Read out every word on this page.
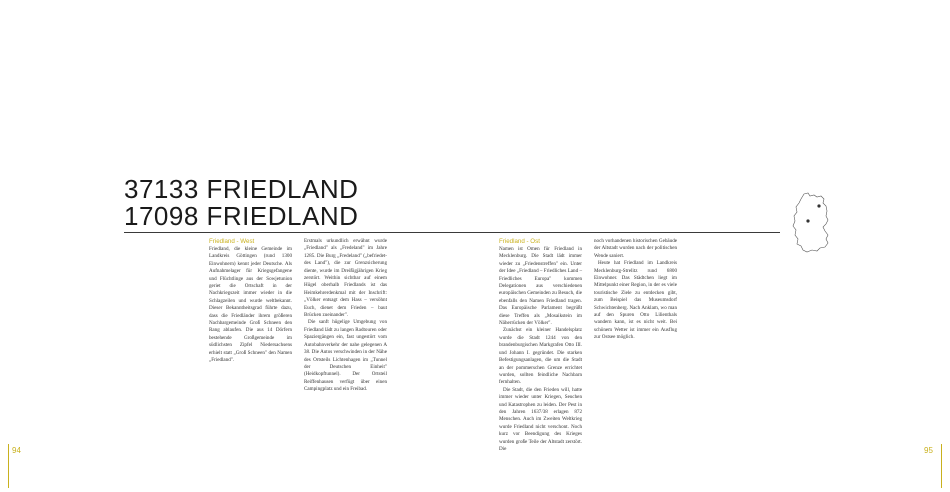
37133 FRIEDLAND
17098 FRIEDLAND
Friedland - West

Friedland, die kleine Gemeinde im Landkreis Göttingen (rund 1300 Einwohnern) kennt jeder Deutsche. Als Aufnahmelager für Kriegsgefangene und Flüchtlinge aus der Sowjetunion geriet die Ortschaft in der Nachkriegszeit immer wieder in die Schlagzeilen und wurde weltbekannt. Dieser Bekanntheitsgrad führte dazu, dass die Friedländer ihrem größeren Nachbargemeinde Groß Schneen den Rang ablaufen. Die aus 14 Dörfern bestehende Großgemeinde im südlichsten Zipfel Niedersachsens erhielt statt „Groß Schneen" den Namen „Friedland".

Erstmals urkundlich erwähnt wurde „Friedland" als „Fredeland" im Jahre 1285. Die Burg „Fredeland" („befriedet-des Land"), die zur Grenzsicherung diente, wurde im Dreißigjährigen Krieg zerstört. Weithin sichtbar auf einem Hügel oberhalb Friedlands ist das Heimkehrerdenkmal mit der Inschrift: „Völker entsagt dem Hass – versöhnt Euch, dienet dem Frieden – baut Brücken zueinander".

Die sanft hügelige Umgebung von Friedland lädt zu langen Radtouren oder Spaziergängen ein, fast ungestört vom Autobahnverkehr der nahe gelegenen A 38. Die Autos verschwinden in der Nähe des Ortsteils Lichtenhagen im „Tunnel der Deutschen Einheit" (Heidkopftunnel). Der Ortsteil Reiffenhausen verfügt über einen Campingplatz und ein Freibad.

Friedland - Ost

Namen ist Omen für Friedland in Mecklenburg. Die Stadt lädt immer wieder zu „Friedenstreffen" ein. Unter der Idee „Friedland – Friedliches Land – Friedliches Europa" kommen Delegationen aus verschiedenen europäischen Gemeinden zu Besuch, die ebenfalls den Namen Friedland tragen. Das Europäische Parlament begrüßt diese Treffen als „Mosaikstein im Näherrücken der Völker".

Zunächst ein kleiner Handelsplatz wurde die Stadt 1244 von den brandenburgischen Markgrafen Otto III. und Johann I. gegründet. Die starken Befestigungsanlagen, die um die Stadt an der pommerschen Grenze errichtet wurden, sollten feindliche Nachbarn fernhalten.

Die Stadt, die den Frieden will, hatte immer wieder unter Kriegen, Seuchen und Katastrophen zu leiden. Der Pest in den Jahren 1637/38 erlagen 872 Menschen. Auch im Zweiten Weltkrieg wurde Friedland nicht verschont. Noch kurz vor Beendigung des Krieges wurden große Teile der Altstadt zerstört. Die

noch vorhandenen historischen Gebäude der Altstadt wurden nach der politischen Wende saniert.

Heute hat Friedland im Landkreis Mecklenburg-Strelitz rund 6800 Einwohner. Das Städtchen liegt im Mittelpunkt einer Region, in der es viele touristische Ziele zu entdecken gibt, zum Beispiel das Museumsdorf Schwichtenberg. Nach Anklam, wo man auf den Spuren Otto Lilienthals wandern kann, ist es nicht weit. Bei schönem Wetter ist immer ein Ausflug zur Ostsee möglich.

94	95
